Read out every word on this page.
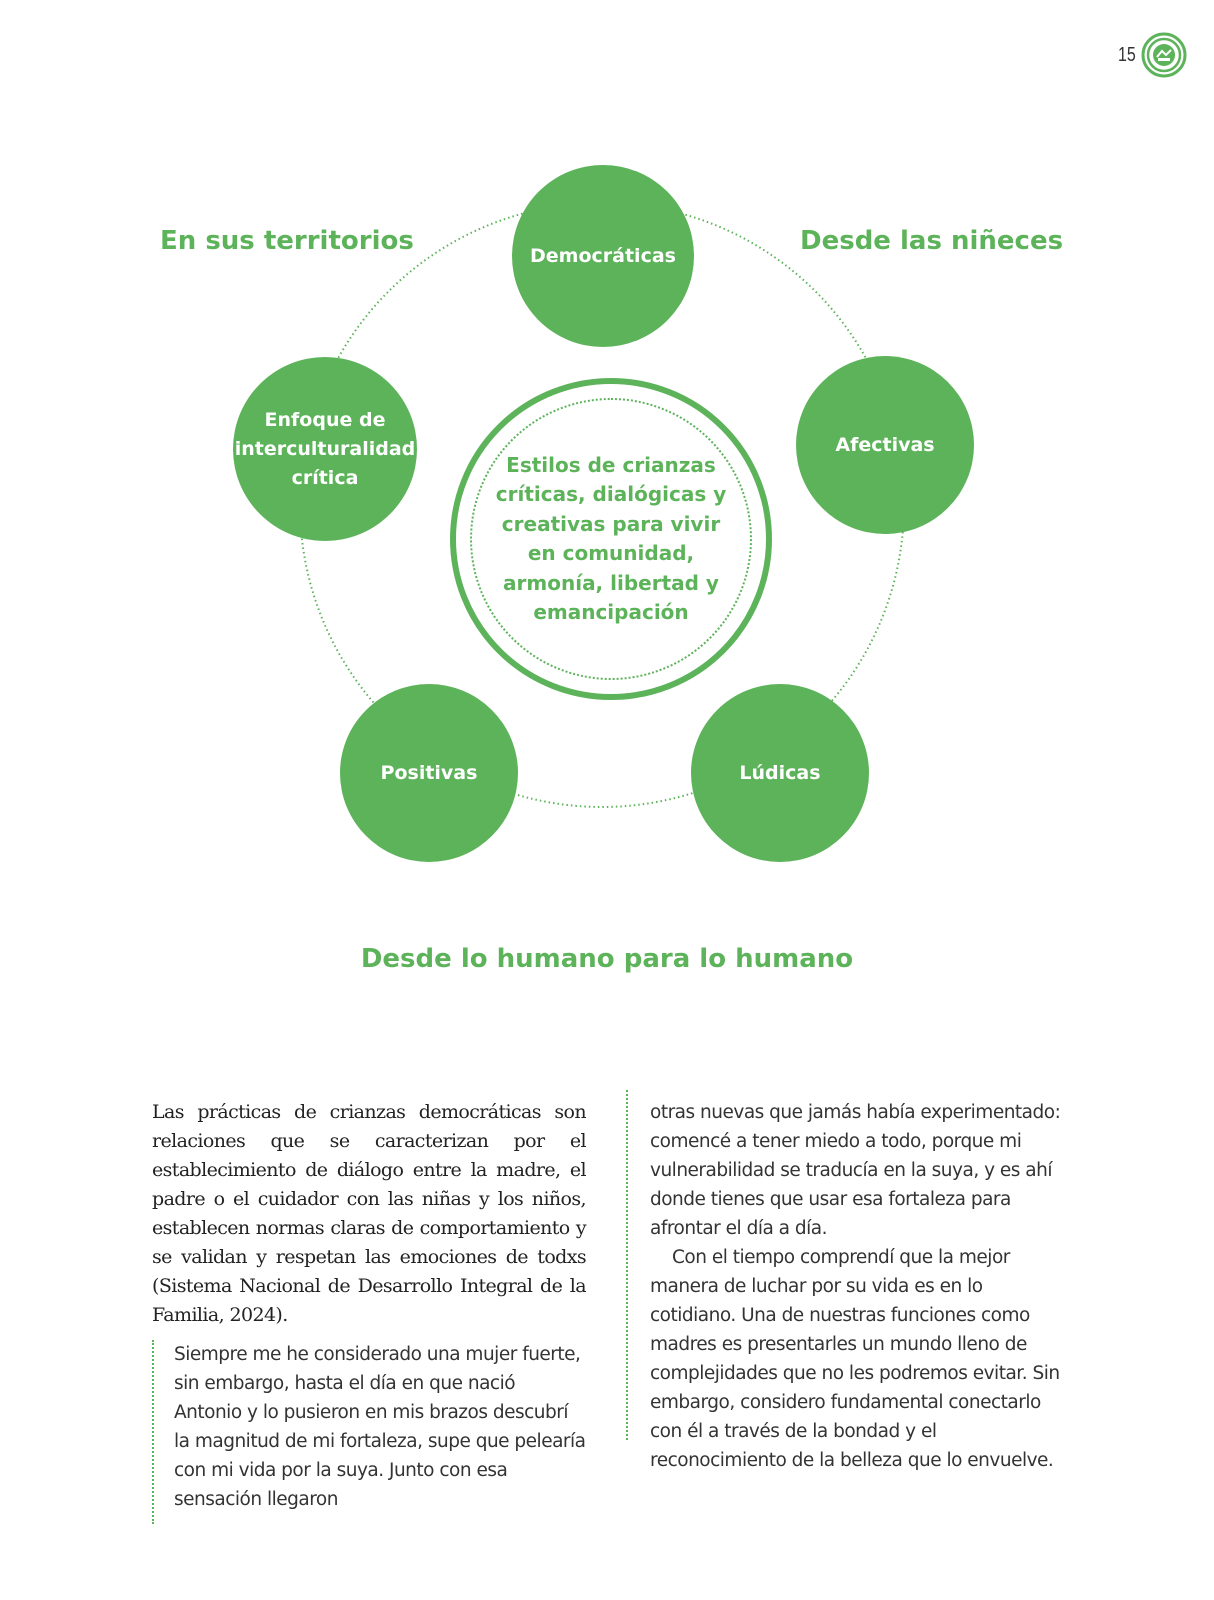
15
En sus territorios	Desde las niñeces
Democráticas
Afectivas
Lúdicas
Positivas
Enfoque de interculturalidad crítica
Estilos de crianzas críticas, dialógicas y creativas para vivir en comunidad, armonía, libertad y emancipación
Desde lo humano para lo humano

Las prácticas de crianzas democráticas son relaciones que se caracterizan por el establecimiento de diálogo entre la madre, el padre o el cuidador con las niñas y los niños, establecen normas claras de comportamiento y se validan y respetan las emociones de todxs (Sistema Nacional de Desarrollo Integral de la Familia, 2024).

Siempre me he considerado una mujer fuerte, sin embargo, hasta el día en que nació Antonio y lo pusieron en mis brazos descubrí la magnitud de mi fortaleza, supe que pelearía con mi vida por la suya. Junto con esa sensación llegaron

otras nuevas que jamás había experimentado: comencé a tener miedo a todo, porque mi vulnerabilidad se traducía en la suya, y es ahí donde tienes que usar esa fortaleza para afrontar el día a día.

Con el tiempo comprendí que la mejor manera de luchar por su vida es en lo cotidiano. Una de nuestras funciones como madres es presentarles un mundo lleno de complejidades que no les podremos evitar. Sin embargo, considero fundamental conectarlo con él a través de la bondad y el reconocimiento de la belleza que lo envuelve.
